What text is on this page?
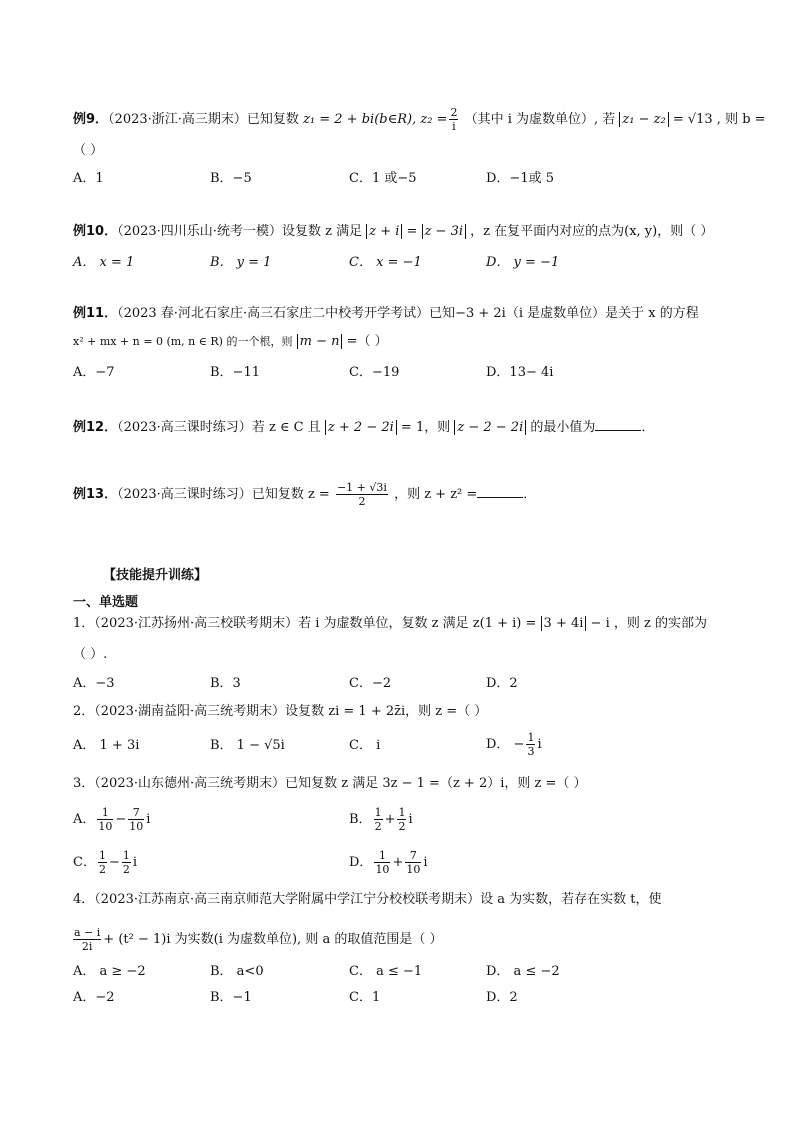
例9．（2023·浙江·高三期末）已知复数 z₁ = 2 + bi(b∈R), $z_2 = \frac{2}{i}$ （其中 i 为虚数单位）, 若 z₁ − z₂ = √13 , 则 b =
（ ）
A．1	B．−5	C．1 或−5	D．−1或 5
例10．（2023·四川乐山·统考一模）设复数 z 满足 z + i = z − 3i ，z 在复平面内对应的点为(x, y)，则（ ）
A． x = 1	B． y = 1	C． x = −1	D． y = −1
例11．（2023 春·河北石家庄·高三石家庄二中校考开学考试）已知−3 + 2i（i 是虚数单位）是关于 x 的方程
x² + mx + n = 0 (m, n ∈ R) 的一个根，则 m − n =（ ）
A．−7	B．−11	C．−19	D．13− 4i
例12．（2023·高三课时练习）若 z ∈ C 且 z + 2 − 2i = 1，则 z − 2 − 2i 的最小值为	．
例13．（2023·高三课时练习）已知复数 $z = \frac{-1 + √3i}{2}$ ，则 z + z² =	．
【技能提升训练】
一、单选题
1．（2023·江苏扬州·高三校联考期末）若 i 为虚数单位，复数 z 满足 z(1 + i) = 3 + 4i − i ，则 z 的实部为
（ ）.
A．−3	B．3	C．−2	D．2
2．（2023·湖南益阳·高三统考期末）设复数 zi = 1 + 2z̄i，则 z =（ ）
A． 1 + 3i	B． 1 − √5i	C． i	D． − $\frac{1}{3}$ i
3．（2023·山东德州·高三统考期末）已知复数 z 满足 3z − 1 =（z + 2）i，则 z =（ ）
A． $\frac{1}{10} - \frac{7}{10}$ i	B． $\frac{1}{2} + \frac{1}{2}$ i
C． $\frac{1}{2} - \frac{1}{2}$ i	D． $\frac{1}{10} + \frac{7}{10}$ i
4．（2023·江苏南京·高三南京师范大学附属中学江宁分校校联考期末）设 a 为实数，若存在实数 t，使
$\frac{a - i}{2i} + (t^2 - 1)i$ 为实数(i 为虚数单位), 则 a 的取值范围是（ ）
A． a ≥ −2	B． a<0	C． a ≤ −1	D． a ≤ −2
A．−2	B．−1	C．1	D．2
